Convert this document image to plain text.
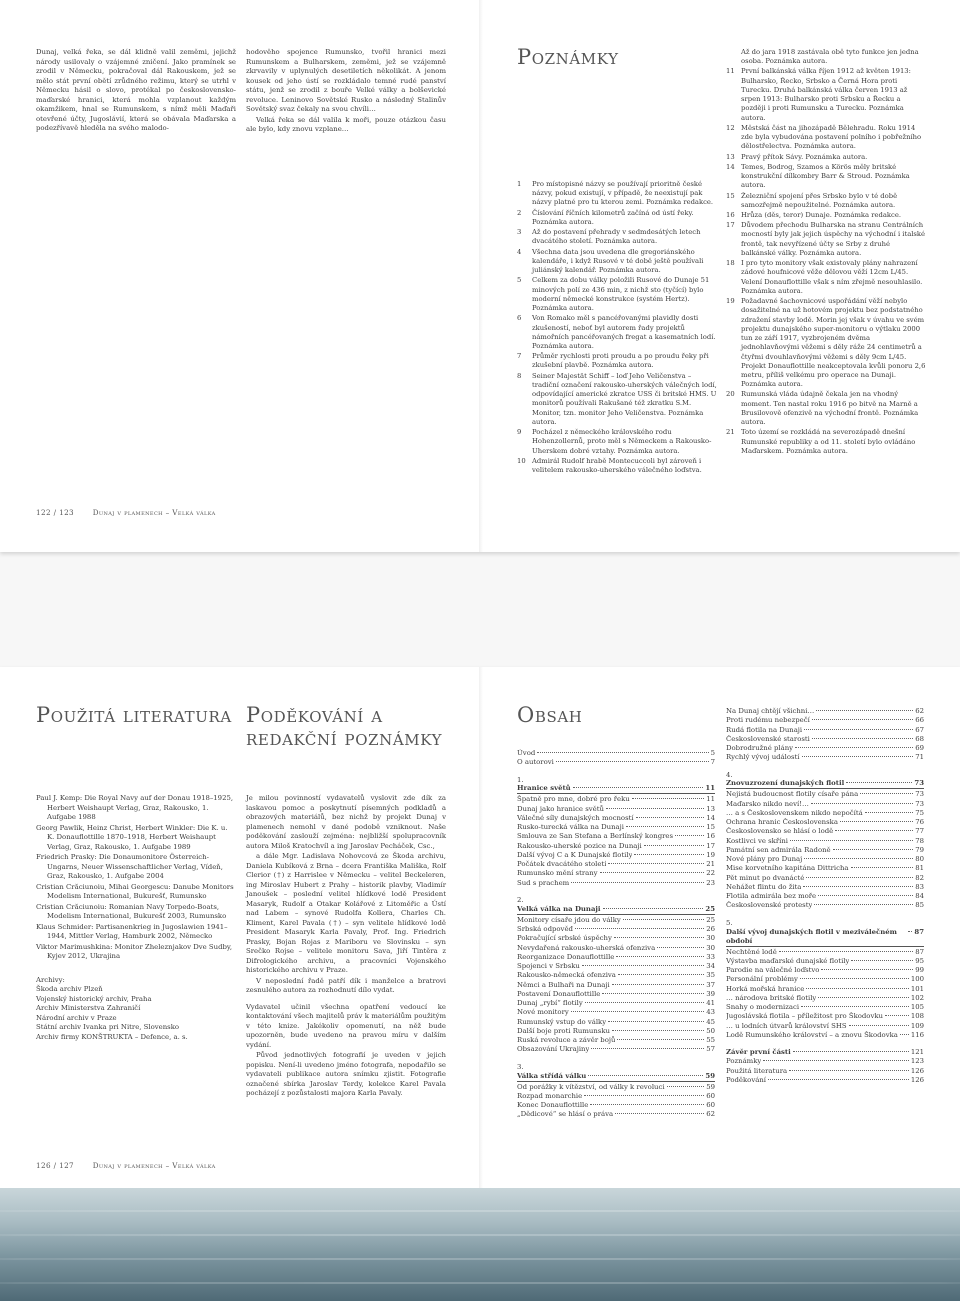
Dunaj, velká řeka, se dál klidně valil zeměmi, jejichž národy usilovaly o vzájemné zničení. Jako pramínek se zrodil v Německu, pokračoval dál Rakouskem, jež se mělo stát první obětí zrůdného režimu, který se utrhl v Německu hásil o slovo, protékal po československo-maďarské hranici, která mohla vzplanout každým okamžikem, hnal se Rumunskem, s nímž měli Maďaři otevřené účty, Jugoslávií, která se obávala Maďarska a podezřívavě hleděla na svého malodo-

hodověho spojence Rumunsko, tvořil hranici mezi Rumunskem a Bulharskem, zeměmi, jež se vzájemně zkrvavily v uplynulých desetiletích několikát. A jenom kousek od jeho ústí se rozkládalo temné rudé panství státu, jenž se zrodil z bouře Velké války a bolševické revoluce. Leninovo Sovětské Rusko a následný Stalinův Sovětský svaz čekaly na svou chvíli…

Velká řeka se dál valila k moři, pouze otázkou času ale bylo, kdy znovu vzplane…

122 / 123	Dunaj v plamenech – Velká válka
Poznámky
1	Pro místopisné názvy se používají prioritně české názvy, pokud existují, v případě, že neexistují pak názvy platné pro tu kterou zemi. Poznámka redakce.
2	Číslování říčních kilometrů začíná od ústí řeky. Poznámka autora.
3	Až do postavení přehrady v sedmdesátých letech dvacátého století. Poznámka autora.
4	Všechna data jsou uvedena dle gregoriánského kalendáře, i když Rusové v té době ještě používali juliánský kalendář. Poznámka autora.
5	Celkem za dobu války položili Rusové do Dunaje 51 minových polí ze 436 min, z nichž sto (tyčící) bylo moderní německé konstrukce (systém Hertz). Poznámka autora.
6	Von Romako měl s pancéřovanými plavidly dosti zkušeností, neboť byl autorem řady projektů námořních pancéřovaných fregat a kasematních lodí. Poznámka autora.
7	Průměr rychlosti proti proudu a po proudu řeky při zkušební plavbě. Poznámka autora.
8	Seiner Majestät Schiff – loď Jeho Veličenstva – tradiční označení rakousko-uherských válečných lodí, odpovídající americké zkratce USS či britské HMS. U monitorů používali Rakušané též zkratku S.M. Monitor, tzn. monitor Jeho Veličenstva. Poznámka autora.
9	Pocházel z německého královského rodu Hohenzollernů, proto měl s Německem a Rakousko-Uherskem dobré vztahy. Poznámka autora.
10 Admirál Rudolf hrabě Montecuccoli byl zároveň i velitelem rakousko-uherského válečného loďstva.
Až do jara 1918 zastávala obě tyto funkce jen jedna osoba. Poznámka autora.
11 První balkánská válka říjen 1912 až květen 1913: Bulharsko, Řecko, Srbsko a Černá Hora proti Turecku. Druhá balkánská válka červen 1913 až srpen 1913: Bulharsko proti Srbsku a Řecku a později i proti Rumunsku a Turecku. Poznámka autora.
12 Městská část na jihozápadě Bělehradu. Roku 1914 zde byla vybudována postavení polního i pobřežního dělostřelectva. Poznámka autora.
13 Pravý přítok Sávy. Poznámka autora.
14 Temes, Bodrog, Szamos a Körös měly britské konstrukční dílkombry Barr & Stroud. Poznámka autora.
15 Železniční spojení přes Srbsko bylo v té době samozřejmě nepoužitelné. Poznámka autora.
16 Hrůza (děs, teror) Dunaje. Poznámka redakce.
17 Důvodem přechodu Bulharska na stranu Centrálních mocností byly jak jejich úspěchy na východní i italské frontě, tak nevyřízené účty se Srby z druhé balkánské války. Poznámka autora.
18 I pro tyto monitory však existovaly plány nahrazení zádové houfnicové věže dělovou věží 12cm L/45. Velení Donauflottille však s ním zřejmě nesouhlasilo. Poznámka autora.
19 Požadavné šachovnicové uspořádání věží nebylo dosažitelné na už hotovém projektu bez podstatného zdražení stavby lodě. Morin jej však v úvahu ve svém projektu dunajského super-monitoru o výtlaku 2000 tun ze září 1917, vyzbrojeném dvěma jednohlavňovými věžemi s děly ráže 24 centimetrů a čtyřmi dvouhlavňovými věžemi s děly 9cm L/45. Projekt Donauflottille neakceptovala kvůli ponoru 2,6 metru, příliš velkému pro operace na Dunaji. Poznámka autora.
20 Rumunská vláda údajně čekala jen na vhodný moment. Ten nastal roku 1916 po bitvě na Marně a Brusilovově ofenzivě na východní frontě. Poznámka autora.
21 Toto území se rozkládá na severozápadě dnešní Rumunské republiky a od 11. století bylo ovládáno Maďarskem. Poznámka autora.
Použitá literatura
Paul J. Kemp: Die Royal Navy auf der Donau 1918–1925, Herbert Weishaupt Verlag, Graz, Rakousko, 1. Aufgabe 1988
Georg Pawlik, Heinz Christ, Herbert Winkler: Die K. u. K. Donauflottille 1870–1918, Herbert Weishaupt Verlag, Graz, Rakousko, 1. Aufgabe 1989
Friedrich Prasky: Die Donaumonitore Österreich-Ungarns, Neuer Wissenschaftlicher Verlag, Vídeň, Graz, Rakousko, 1. Aufgabe 2004
Cristian Crăciunoiu, Mihai Georgescu: Danube Monitors Modelism International, Bukurešť, Rumunsko
Cristian Crăciunoiu: Romanian Navy Torpedo-Boats, Modelism International, Bukurešť 2003, Rumunsko
Klaus Schmider: Partisanenkrieg in Jugoslawien 1941–1944, Mittler Verlag, Hamburk 2002, Německo
Viktor Marimushkina: Monitor Zheleznjakov Dve Sudby, Kyjev 2012, Ukrajina
Archivy:
Škoda archiv Plzeň
Vojenský historický archiv, Praha
Archiv Ministerstva Zahraničí
Národní archiv v Praze
Státní archiv Ivanka pri Nitre, Slovensko
Archiv firmy KONŠTRUKTA – Defence, a. s.
Poděkování a redakční poznámky

Je milou povinností vydavatelů vyslovit zde dík za laskavou pomoc a poskytnutí písemných podkladů a obrazových materiálů, bez nichž by projekt Dunaj v plamenech nemohl v dané podobě vzniknout. Naše poděkování zaslouží zejména: nejbližší spolupracovník autora Miloš Kratochvíl a ing Jaroslav Pecháček, Csc.,

a dále Mgr. Ladislava Nohovcová ze Škoda archivu, Daniela Kubíková z Brna – dcera Františka Mališka, Rolf Clerior (†) z Harrislee v Německu – velitel Beckeleren, ing Miroslav Hubert z Prahy – historik plavby, Vladimír Janoušek – poslední velitel hlídkové lodě President Masaryk, Rudolf a Otakar Kolářové z Litoměřic a Ústí nad Labem – synové Rudolfa Kollera, Charles Ch. Kliment, Karel Pavala (†) – syn velitele hlídkové lodě President Masaryk Karla Pavaly, Prof. Ing. Friedrich Prasky, Bojan Rojas z Mariboru ve Slovinsku – syn Srečko Rojse – velitele monitoru Sava, Jiří Tintěra z Difrologického archivu, a pracovníci Vojenského historického archivu v Praze.

V neposlední řadě patří dík i manželce a bratrovi zesnulého autora za rozhodnutí dílo vydat.

Vydavatel učinil všechna opatření vedoucí ke kontaktování všech majitelů práv k materiálům použitým v této knize. Jakékoliv opomenutí, na něž bude upozorněn, bude uvedeno na pravou míru v dalším vydání.

Původ jednotlivých fotografií je uveden v jejich popisku. Není-li uvedeno jméno fotografa, nepodařilo se vydavateli publikace autora snímku zjistit. Fotografie označené sbírka Jaroslav Terdy, kolekce Karel Pavala pocházejí z pozůstalosti majora Karla Pavaly.

126 / 127	Dunaj v plamenech – Velká válka
Obsah
Úvod	5
O autorovi	7
1.
Hranice světů	11
Špatně pro mne, dobré pro řeku	11
Dunaj jako hranice světů	13
Válečné síly dunajských mocností	14
Rusko-turecká válka na Dunaji	15
Smlouva ze San Stefana a Berlínský kongres	16
Rakousko-uherské pozice na Dunaji	17
Další vývoj C a K Dunajské flotily	19
Počátek dvacátého století	21
Rumunsko mění strany	22
Sud s prachem	23
2.
Velká válka na Dunaji	25
Monitory císaře jdou do války	25
Srbská odpověď	26
Pokračující srbské úspěchy	30
Nevydařená rakousko-uherská ofenziva	30
Reorganizace Donauflottille	33
Spojenci v Srbsku	34
Rakousko-německá ofenziva	35
Němci a Bulhaři na Dunaji	37
Postavení Donauflottille	39
Dunaj „rybí“ flotily	41
Nové monitory	43
Rumunský vstup do války	45
Další boje proti Rumunsku	50
Ruská revoluce a závěr bojů	55
Obsazování Ukrajiny	57
3.
Válka střídá válku	59
Od porážky k vítězství, od války k revoluci	59
Rozpad monarchie	60
Konec Donauflottille	60
„Dědicové“ se hlásí o práva	62
Na Dunaj chtějí všichni…	62
Proti rudému nebezpečí	66
Rudá flotila na Dunaji	67
Československé starosti	68
Dobrodružné plány	69
Rychlý vývoj událostí	71
4.
Znovuzrození dunajských flotil	73
Nejistá budoucnost flotily císaře pána	73
Maďarsko nikdo neví!…	73
… a s Československem nikdo nepočítá	75
Ochrana hranic Československa	76
Československo se hlásí o lodě	77
Kostlivci ve skříni	78
Památní sen admirála Radoně	79
Nové plány pro Dunaj	80
Mise korvetního kapitána Dittricha	81
Pět minut po dvanácté	82
Nehážet flintu do žita	83
Flotila admirála bez moře	84
Československé protesty	85
5.
Další vývoj dunajských flotil v meziválečném období
87
Nechtěné lodě	87
Výstavba maďarské dunajské flotily	95
Parodie na válečné loďstvo	99
Personální problémy	100
Horká mořská hranice	101
… národova britské flotily	102
Snahy o modernizaci	105
Jugoslávská flotila – příležitost pro Škodovku	108
… u lodních útvarů království SHS	109
Lodě Rumunského království – a znovu Škodovka 116
Závěr první části	121
Poznámky	123
Použitá literatura	126
Poděkování	126
